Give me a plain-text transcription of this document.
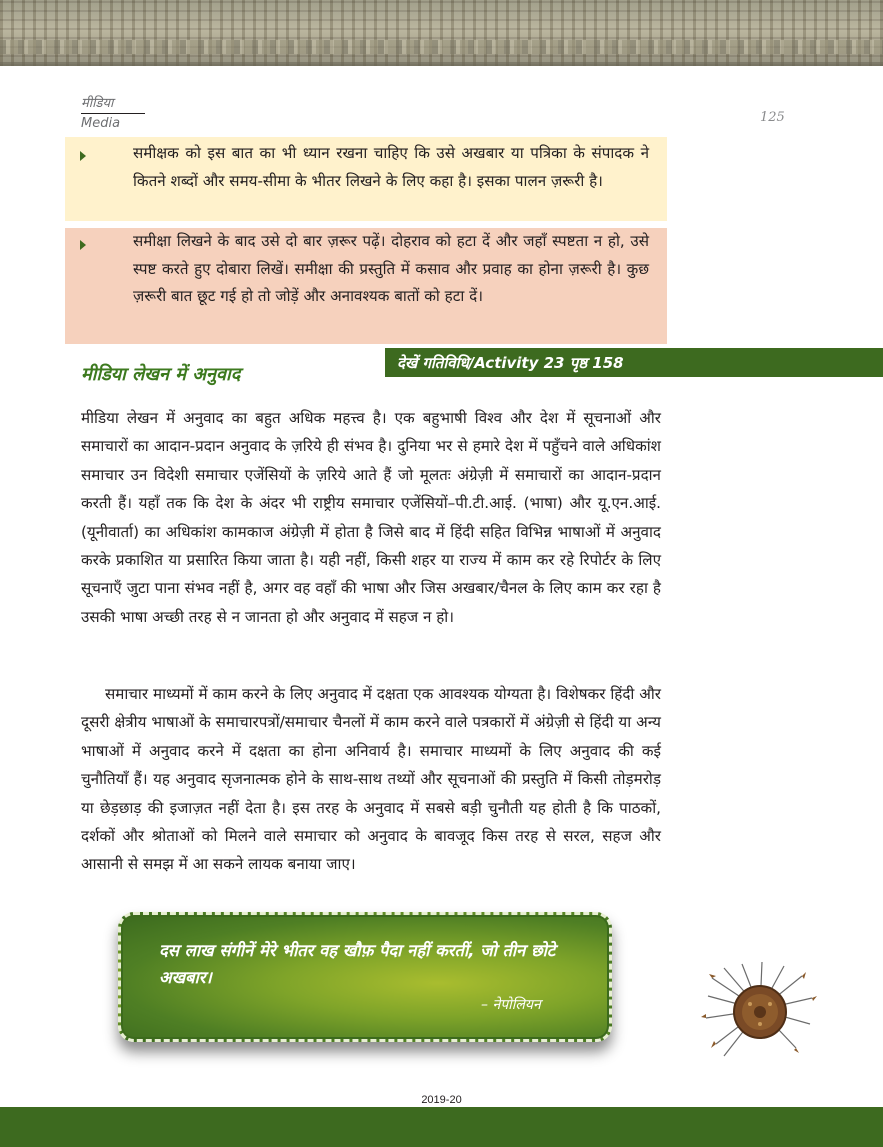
मीडिया
Media	125
समीक्षक को इस बात का भी ध्यान रखना चाहिए कि उसे अखबार या पत्रिका के संपादक ने कितने शब्दों और समय-सीमा के भीतर लिखने के लिए कहा है। इसका पालन ज़रूरी है।
समीक्षा लिखने के बाद उसे दो बार ज़रूर पढ़ें। दोहराव को हटा दें और जहाँ स्पष्टता न हो, उसे स्पष्ट करते हुए दोबारा लिखें। समीक्षा की प्रस्तुति में कसाव और प्रवाह का होना ज़रूरी है। कुछ ज़रूरी बात छूट गई हो तो जोड़ें और अनावश्यक बातों को हटा दें।
देखें गतिविधि/Activity 23 पृष्ठ 158
मीडिया लेखन में अनुवाद

मीडिया लेखन में अनुवाद का बहुत अधिक महत्त्व है। एक बहुभाषी विश्व और देश में सूचनाओं और समाचारों का आदान-प्रदान अनुवाद के ज़रिये ही संभव है। दुनिया भर से हमारे देश में पहुँचने वाले अधिकांश समाचार उन विदेशी समाचार एजेंसियों के ज़रिये आते हैं जो मूलतः अंग्रेज़ी में समाचारों का आदान-प्रदान करती हैं। यहाँ तक कि देश के अंदर भी राष्ट्रीय समाचार एजेंसियों–पी.टी.आई. (भाषा) और यू.एन.आई. (यूनीवार्ता) का अधिकांश कामकाज अंग्रेज़ी में होता है जिसे बाद में हिंदी सहित विभिन्न भाषाओं में अनुवाद करके प्रकाशित या प्रसारित किया जाता है। यही नहीं, किसी शहर या राज्य में काम कर रहे रिपोर्टर के लिए सूचनाएँ जुटा पाना संभव नहीं है, अगर वह वहाँ की भाषा और जिस अखबार/चैनल के लिए काम कर रहा है उसकी भाषा अच्छी तरह से न जानता हो और अनुवाद में सहज न हो।

समाचार माध्यमों में काम करने के लिए अनुवाद में दक्षता एक आवश्यक योग्यता है। विशेषकर हिंदी और दूसरी क्षेत्रीय भाषाओं के समाचारपत्रों/समाचार चैनलों में काम करने वाले पत्रकारों में अंग्रेज़ी से हिंदी या अन्य भाषाओं में अनुवाद करने में दक्षता का होना अनिवार्य है। समाचार माध्यमों के लिए अनुवाद की कई चुनौतियाँ हैं। यह अनुवाद सृजनात्मक होने के साथ-साथ तथ्यों और सूचनाओं की प्रस्तुति में किसी तोड़मरोड़ या छेड़छाड़ की इजाज़त नहीं देता है। इस तरह के अनुवाद में सबसे बड़ी चुनौती यह होती है कि पाठकों, दर्शकों और श्रोताओं को मिलने वाले समाचार को अनुवाद के बावजूद किस तरह से सरल, सहज और आसानी से समझ में आ सकने लायक बनाया जाए।

दस लाख संगीनें मेरे भीतर वह खौफ़ पैदा नहीं करतीं, जो तीन छोटे अखबार।
– नेपोलियन
2019-20
